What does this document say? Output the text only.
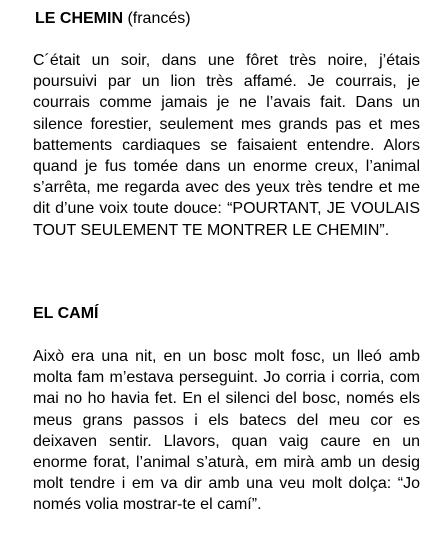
LE CHEMIN (francés)

C´était un soir, dans une fôret très noire, j’étais poursuivi par un lion très affamé. Je courrais, je courrais comme jamais je ne l’avais fait. Dans un silence forestier, seulement mes grands pas et mes battements cardiaques se faisaient entendre. Alors quand je fus tomée dans un enorme creux, l’animal s’arrêta, me regarda avec des yeux très tendre et me dit d’une voix toute douce: “POURTANT, JE VOULAIS TOUT SEULEMENT TE MONTRER LE CHEMIN”.

EL CAMÍ

Això era una nit, en un bosc molt fosc, un lleó amb molta fam m’estava perseguint. Jo corria i corria, com mai no ho havia fet. En el silenci del bosc, només els meus grans passos i els batecs del meu cor es deixaven sentir. Llavors, quan vaig caure en un enorme forat, l’animal s’aturà, em mirà amb un desig molt tendre i em va dir amb una veu molt dolça: “Jo només volia mostrar-te el camí”.
